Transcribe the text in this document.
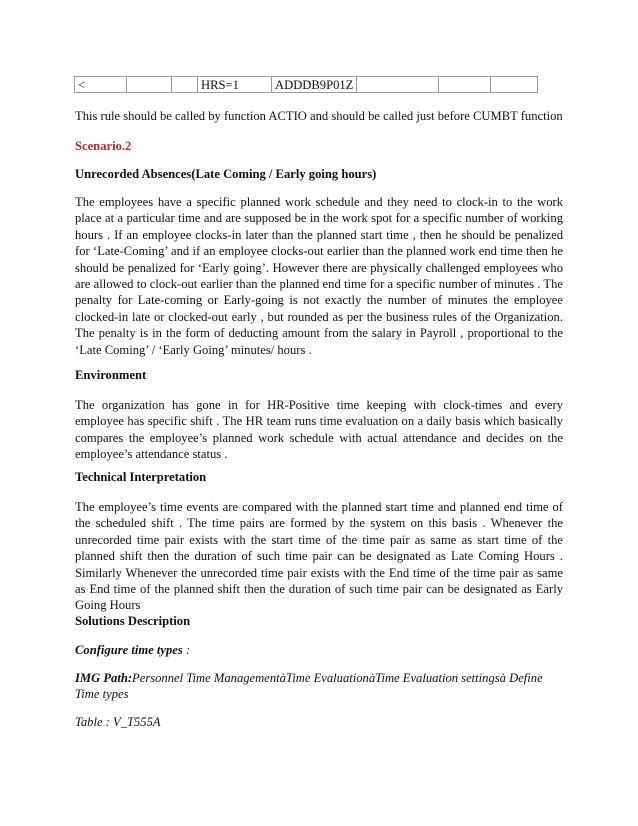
<			HRS=1	ADDDB9P01Z			
This rule should be called by function ACTIO and should be called just before CUMBT function
Scenario.2
Unrecorded Absences(Late Coming / Early going hours)
The employees have a specific planned work schedule and they need to clock-in to the work place at a particular time and are supposed be in the work spot for a specific number of working hours . If an employee clocks-in later than the planned start time , then he should be penalized for ‘Late-Coming’ and if an employee clocks-out earlier than the planned work end time then he should be penalized for ‘Early going’. However there are physically challenged employees who are allowed to clock-out earlier than the planned end time for a specific number of minutes . The penalty for Late-coming or Early-going is not exactly the number of minutes the employee clocked-in late or clocked-out early , but rounded as per the business rules of the Organization. The penalty is in the form of deducting amount from the salary in Payroll , proportional to the ‘Late Coming’ / ‘Early Going’ minutes/ hours .
Environment
The organization has gone in for HR-Positive time keeping with clock-times and every employee has specific shift . The HR team runs time evaluation on a daily basis which basically compares the employee’s planned work schedule with actual attendance and decides on the employee’s attendance status .
Technical Interpretation
The employee’s time events are compared with the planned start time and planned end time of the scheduled shift . The time pairs are formed by the system on this basis . Whenever the unrecorded time pair exists with the start time of the time pair as same as start time of the planned shift then the duration of such time pair can be designated as Late Coming Hours . Similarly Whenever the unrecorded time pair exists with the End time of the time pair as same as End time of the planned shift then the duration of such time pair can be designated as Early Going Hours
Solutions Description
Configure time types :
IMG Path:Personnel Time ManagementàTime EvaluationàTime Evaluation settingsà Define Time types
Table : V_T555A
